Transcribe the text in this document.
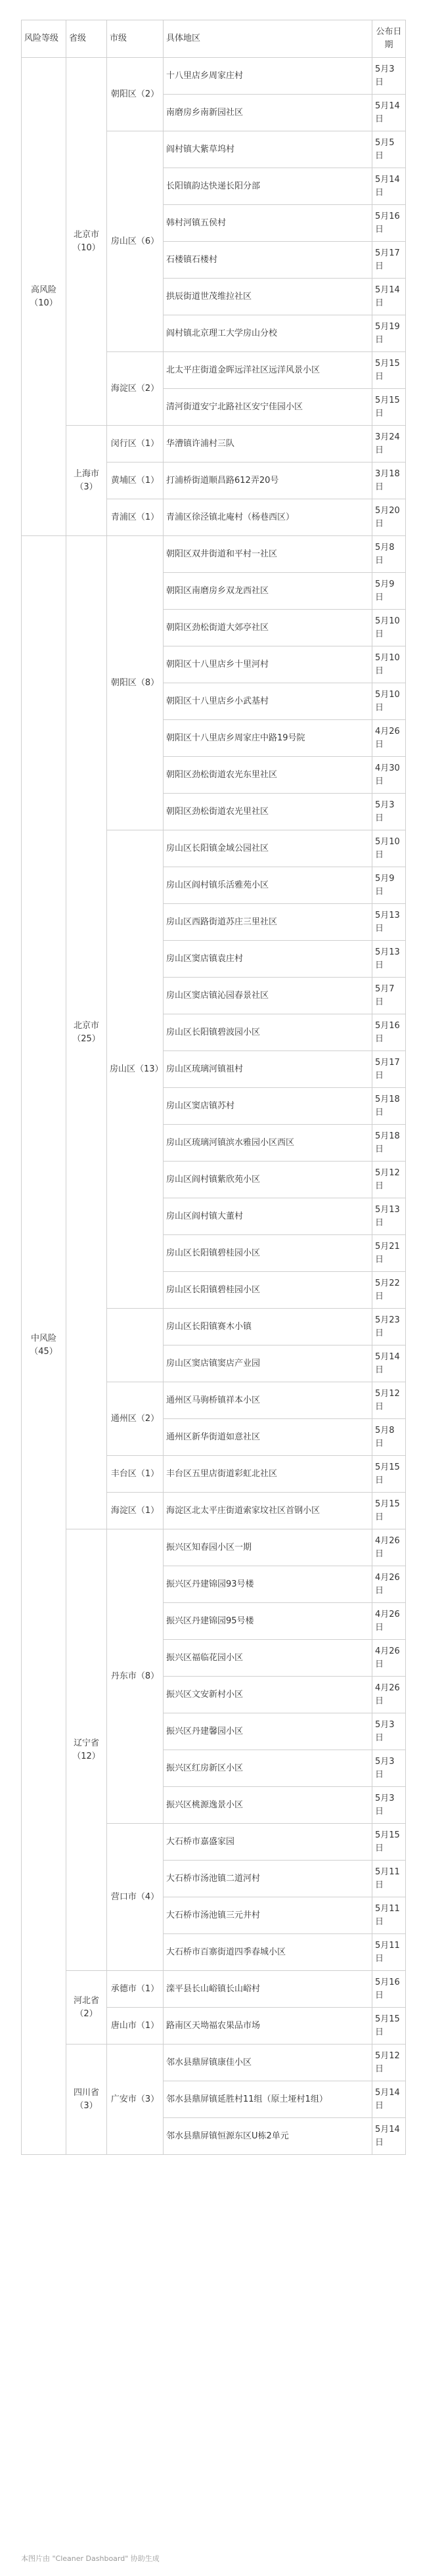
风险等级	省级	市级	具体地区	公布日期
高风险（10）	北京市（10）	朝阳区（2）	十八里店乡周家庄村	5月3日
			南磨房乡南新园社区	5月14日
		房山区（6）	阎村镇大紫草坞村	5月5日
			长阳镇韵达快递长阳分部	5月14日
			韩村河镇五侯村	5月16日
			石楼镇石楼村	5月17日
			拱辰街道世茂维拉社区	5月14日
			阎村镇北京理工大学房山分校	5月19日
		海淀区（2）	北太平庄街道金晖远洋社区远洋风景小区	5月15日
			清河街道安宁北路社区安宁佳园小区	5月15日
	上海市（3）	闵行区（1）	华漕镇许浦村三队	3月24日
		黄埔区（1）	打浦桥街道顺昌路612弄20号	3月18日
		青浦区（1）	青浦区徐泾镇北庵村（杨巷西区）	5月20日
中风险（45）	北京市（25）	朝阳区（8）	朝阳区双井街道和平村一社区	5月8日
			朝阳区南磨房乡双龙西社区	5月9日
			朝阳区劲松街道大郊亭社区	5月10日
			朝阳区十八里店乡十里河村	5月10日
			朝阳区十八里店乡小武基村	5月10日
			朝阳区十八里店乡周家庄中路19号院	4月26日
			朝阳区劲松街道农光东里社区	4月30日
			朝阳区劲松街道农光里社区	5月3日
		房山区（13）	房山区长阳镇金域公园社区	5月10日
			房山区阎村镇乐活雅苑小区	5月9日
			房山区西路街道苏庄三里社区	5月13日
			房山区窦店镇袁庄村	5月13日
			房山区窦店镇沁园春景社区	5月7日
			房山区长阳镇碧波园小区	5月16日
			房山区琉璃河镇祖村	5月17日
			房山区窦店镇苏村	5月18日
			房山区琉璃河镇滨水雅园小区西区	5月18日
			房山区阎村镇紫欣苑小区	5月12日
			房山区阎村镇大董村	5月13日
			房山区长阳镇碧桂园小区	5月21日
			房山区长阳镇碧桂园小区	5月22日
			房山区长阳镇赛木小镇	5月23日
			房山区窦店镇窦店产业园	5月14日
		通州区（2）	通州区马驹桥镇祥本小区	5月12日
			通州区新华街道如意社区	5月8日
		丰台区（1）	丰台区五里店街道彩虹北社区	5月15日
		海淀区（1）	海淀区北太平庄街道索家坟社区首钢小区	5月15日
	辽宁省（12）	丹东市（8）	振兴区知春园小区一期	4月26日
			振兴区丹建锦园93号楼	4月26日
			振兴区丹建锦园95号楼	4月26日
			振兴区福临花园小区	4月26日
			振兴区文安新村小区	4月26日
			振兴区丹建馨园小区	5月3日
			振兴区红房新区小区	5月3日
			振兴区桃源逸景小区	5月3日
		营口市（4）	大石桥市嘉盛家园	5月15日
			大石桥市汤池镇二道河村	5月11日
			大石桥市汤池镇三元井村	5月11日
			大石桥市百寨街道四季春城小区	5月11日
	河北省（2）	承德市（1）	滦平县长山峪镇长山峪村	5月16日
		唐山市（1）	路南区天坳福农果品市场	5月15日
	四川省（3）	广安市（3）	邻水县鼎屏镇康佳小区	5月12日
			邻水县鼎屏镇延胜村11组（原土垭村1组）	5月14日
			邻水县鼎屏镇恒源东区U栋2单元	5月14日
本图片由 "Cleaner Dashboard" 协助生成
